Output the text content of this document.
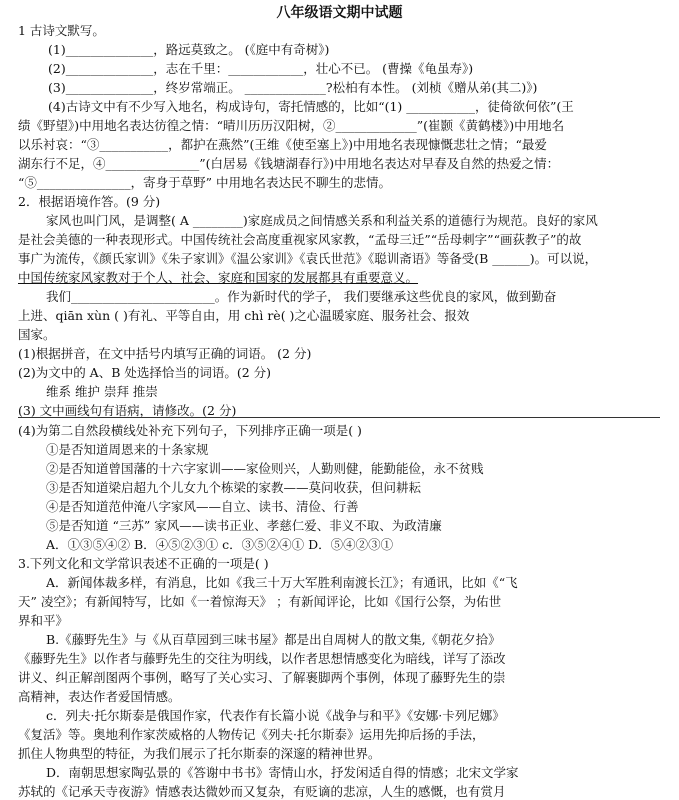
八年级语文期中试题
1 古诗文默写。
(1)______________，路远莫致之。 (《庭中有奇树》)
(2)______________，志在千里：____________，壮心不已。 (曹操《龟虽寿》)
(3)______________，终岁常端正。 _____________?松柏有本性。 (刘桢《赠从弟(其二)》)
(4)古诗文中有不少写入地名，构成诗句，寄托情感的，比如“(1) ___________，徒倚欲何依”(王
绩《野望》)中用地名表达彷徨之情：“晴川历历汉阳树，②_____________”(崔颢《黄鹤楼》)中用地名
以乐衬哀：“③___________，都护在燕然”(王维《使至塞上》)中用地名表现慷慨悲壮之情；“最爱
湖东行不足，④_______________”(白居易《钱塘湖春行》)中用地名表达对早春及自然的热爱之情：
“⑤_______________，寄身于草野” 中用地名表达民不聊生的悲情。
2．根据语境作答。(9 分)
家风也叫门风，是调整( A ________)家庭成员之间情感关系和利益关系的道德行为规范。良好的家风
是社会美德的一种表现形式。中国传统社会高度重视家风家教，“孟母三迁”“岳母刺字”“画荻教子”的故
事广为流传，《颜氏家训》《朱子家训》《温公家训》《袁氏世范》《聪训斋语》等备受(B ______)。可以说，
中国传统家风家教对于个人、社会、家庭和国家的发展都具有重要意义。
我们_______________________。作为新时代的学子， 我们要继承这些优良的家风，做到勤奋
上进、qiān xùn ( )有礼、平等自由，用 chì rè( )之心温暖家庭、服务社会、报效
国家。
(1)根据拼音，在文中括号内填写正确的词语。 (2 分)
(2)为文中的 A、B 处选择恰当的词语。(2 分)
维系 维护 崇拜 推崇
(3) 文中画线句有语病，请修改。(2 分)
(4)为第二自然段横线处补充下列句子，下列排序正确一项是( )
①是否知道周恩来的十条家规
②是否知道曾国藩的十六字家训——家俭则兴，人勤则健，能勤能俭，永不贫贱
③是否知道梁启超九个儿女九个栋梁的家教——莫问收获，但问耕耘
④是否知道范仲淹八字家风——自立、读书、清俭、行善
⑤是否知道 “三苏” 家风——读书正业、孝慈仁爱、非义不取、为政清廉
A．①③⑤④② B．④⑤②③① c．③⑤②④① D．⑤④②③①
3.下列文化和文学常识表述不正确的一项是( )
A．新闻体裁多样，有消息，比如《我三十万大军胜利南渡长江》；有通讯，比如《“飞
天” 凌空》；有新闻特写，比如《一着惊海天》 ；有新闻评论，比如《国行公祭，为佑世
界和平》
B.《藤野先生》与《从百草园到三味书屋》都是出自周树人的散文集,《朝花夕拾》
《藤野先生》以作者与藤野先生的交往为明线，以作者思想情感变化为暗线，详写了添改
讲义、纠正解剖图两个事例，略写了关心实习、了解裹脚两个事例，体现了藤野先生的崇
高精神，表达作者爱国情感。
c．列夫·托尔斯泰是俄国作家，代表作有长篇小说《战争与和平》《安娜·卡列尼娜》
《复活》等。奥地利作家茨威格的人物传记《列夫·托尔斯泰》运用先抑后扬的手法，
抓住人物典型的特征，为我们展示了托尔斯泰的深邃的精神世界。
D．南朝思想家陶弘景的《答谢中书书》寄情山水，抒发闲适自得的情感；北宋文学家
苏轼的《记承天寺夜游》情感表达微妙而又复杂，有贬谪的悲凉，人生的感慨，也有赏月
